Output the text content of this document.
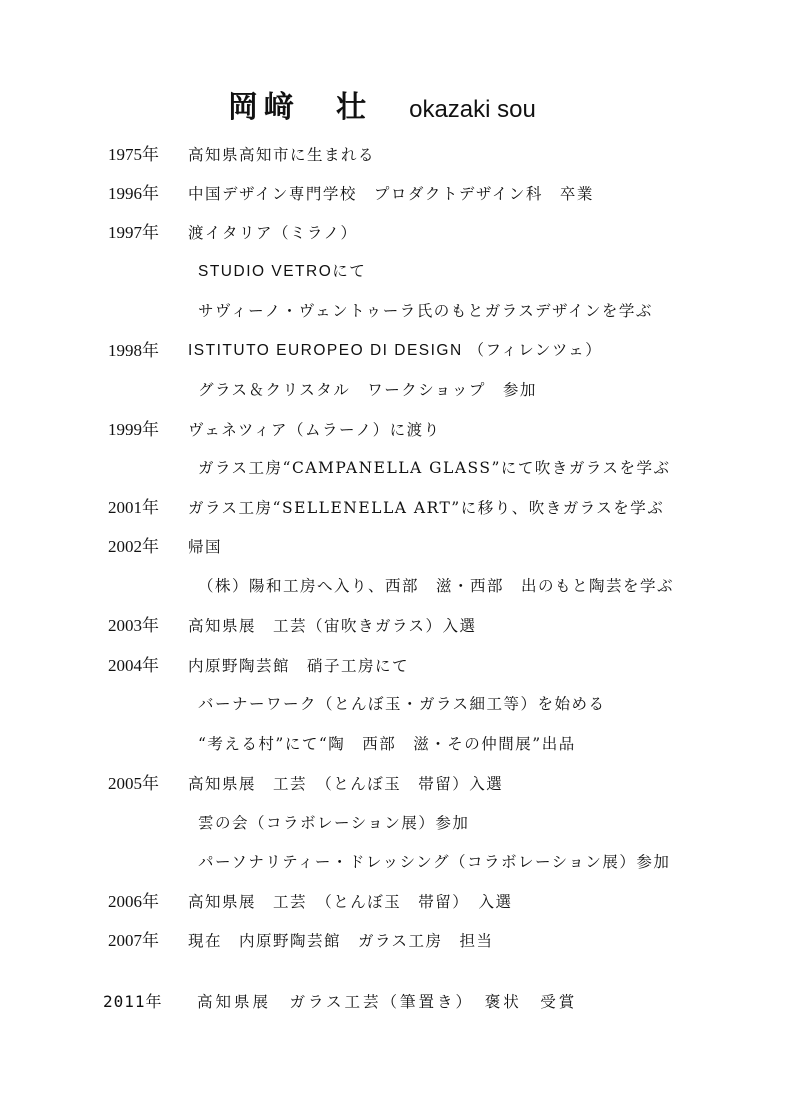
岡﨑　壮 okazaki sou
1975年	高知県高知市に生まれる
1996年	中国デザイン専門学校　プロダクトデザイン科　卒業
1997年	渡イタリア（ミラノ）
STUDIO VETROにて
サヴィーノ・ヴェントゥーラ氏のもとガラスデザインを学ぶ
1998年	ISTITUTO EUROPEO DI DESIGN （フィレンツェ）
グラス＆クリスタル　ワークショップ　参加
1999年	ヴェネツィア（ムラーノ）に渡り
ガラス工房“CAMPANELLA GLASS”にて吹きガラスを学ぶ
2001年	ガラス工房“SELLENELLA ART”に移り、吹きガラスを学ぶ
2002年	帰国
（株）陽和工房へ入り、西部　滋・西部　出のもと陶芸を学ぶ
2003年	高知県展　工芸（宙吹きガラス）入選
2004年	内原野陶芸館　硝子工房にて
バーナーワーク（とんぼ玉・ガラス細工等）を始める
“考える村”にて“陶　西部　滋・その仲間展”出品
2005年	高知県展　工芸　（とんぼ玉　帯留）入選
雲の会（コラボレーション展）参加
パーソナリティー・ドレッシング（コラボレーション展）参加
2006年	高知県展　工芸　（とんぼ玉　帯留）　入選
2007年	現在　内原野陶芸館　ガラス工房　担当
2011年	高知県展　ガラス工芸（筆置き）　褒状　受賞
